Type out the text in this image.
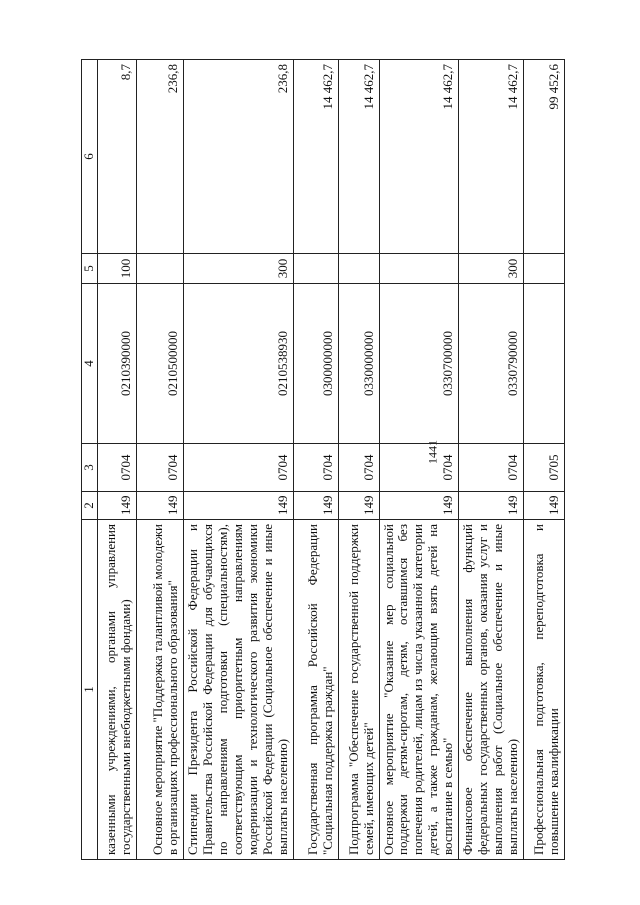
1441
1	2	3	4	5	6
казенными учреждениями, органами управления государственными внебюджетными фондами)	149	0704	0210390000	100	8,7
Основное мероприятие "Поддержка талантливой молодежи в организациях профессионального образования"	149	0704	0210500000		236,8
Стипендии Президента Российской Федерации и Правительства Российской Федерации для обучающихся по направлениям подготовки (специальностям), соответствующим приоритетным направлениям модернизации и технологического развития экономики Российской Федерации (Социальное обеспечение и иные выплаты населению)	149	0704	0210538930	300	236,8
Государственная программа Российской Федерации "Социальная поддержка граждан"	149	0704	0300000000		14 462,7
Подпрограмма "Обеспечение государственной поддержки семей, имеющих детей"	149	0704	0330000000		14 462,7
Основное мероприятие "Оказание мер социальной поддержки детям-сиротам, детям, оставшимся без попечения родителей, лицам из числа указанной категории детей, а также гражданам, желающим взять детей на воспитание в семью"	149	0704	0330700000		14 462,7
Финансовое обеспечение выполнения функций федеральных государственных органов, оказания услуг и выполнения работ (Социальное обеспечение и иные выплаты населению)	149	0704	0330790000	300	14 462,7
Профессиональная подготовка, переподготовка и повышение квалификации	149	0705			99 452,6
